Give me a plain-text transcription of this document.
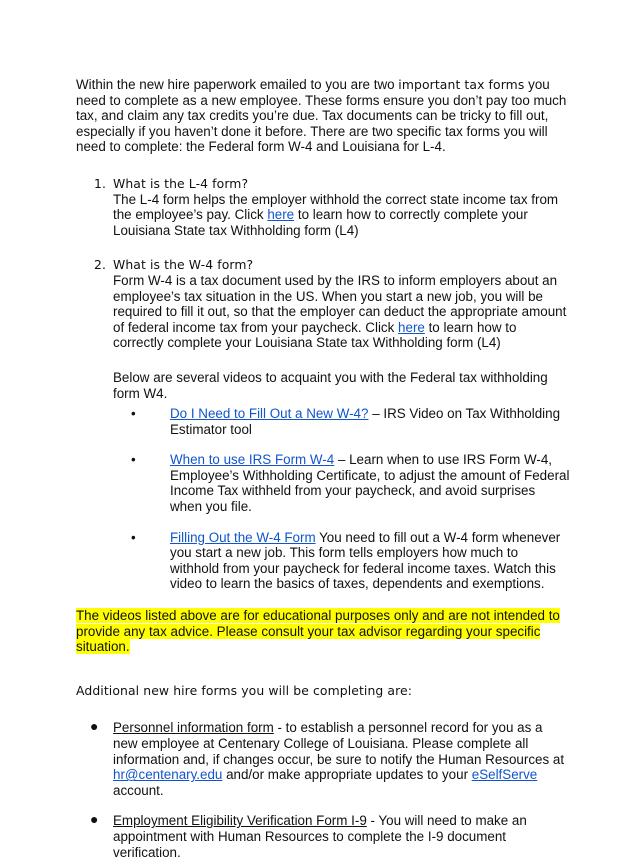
Within the new hire paperwork emailed to you are two important tax forms you need to complete as a new employee. These forms ensure you don’t pay too much tax, and claim any tax credits you’re due. Tax documents can be tricky to fill out, especially if you haven’t done it before. There are two specific tax forms you will need to complete: the Federal form W-4 and Louisiana for L-4.

1. What is the L-4 form?

The L-4 form helps the employer withhold the correct state income tax from the employee’s pay. Click here to learn how to correctly complete your Louisiana State tax Withholding form (L4)

2. What is the W-4 form?

Form W-4 is a tax document used by the IRS to inform employers about an employee’s tax situation in the US. When you start a new job, you will be required to fill it out, so that the employer can deduct the appropriate amount of federal income tax from your paycheck. Click here to learn how to correctly complete your Louisiana State tax Withholding form (L4)

Below are several videos to acquaint you with the Federal tax withholding form W4.

•	Do I Need to Fill Out a New W-4? – IRS Video on Tax Withholding Estimator tool
•	When to use IRS Form W-4 – Learn when to use IRS Form W-4, Employee’s Withholding Certificate, to adjust the amount of Federal Income Tax withheld from your paycheck, and avoid surprises when you file.
•	Filling Out the W-4 Form You need to fill out a W-4 form whenever you start a new job. This form tells employers how much to withhold from your paycheck for federal income taxes. Watch this video to learn the basics of taxes, dependents and exemptions.

The videos listed above are for educational purposes only and are not intended to provide any tax advice. Please consult your tax advisor regarding your specific situation.

Additional new hire forms you will be completing are:

● Personnel information form - to establish a personnel record for you as a new employee at Centenary College of Louisiana. Please complete all information and, if changes occur, be sure to notify the Human Resources at hr@centenary.edu and/or make appropriate updates to your eSelfServe account.
● Employment Eligibility Verification Form I-9 - You will need to make an appointment with Human Resources to complete the I-9 document verification.
